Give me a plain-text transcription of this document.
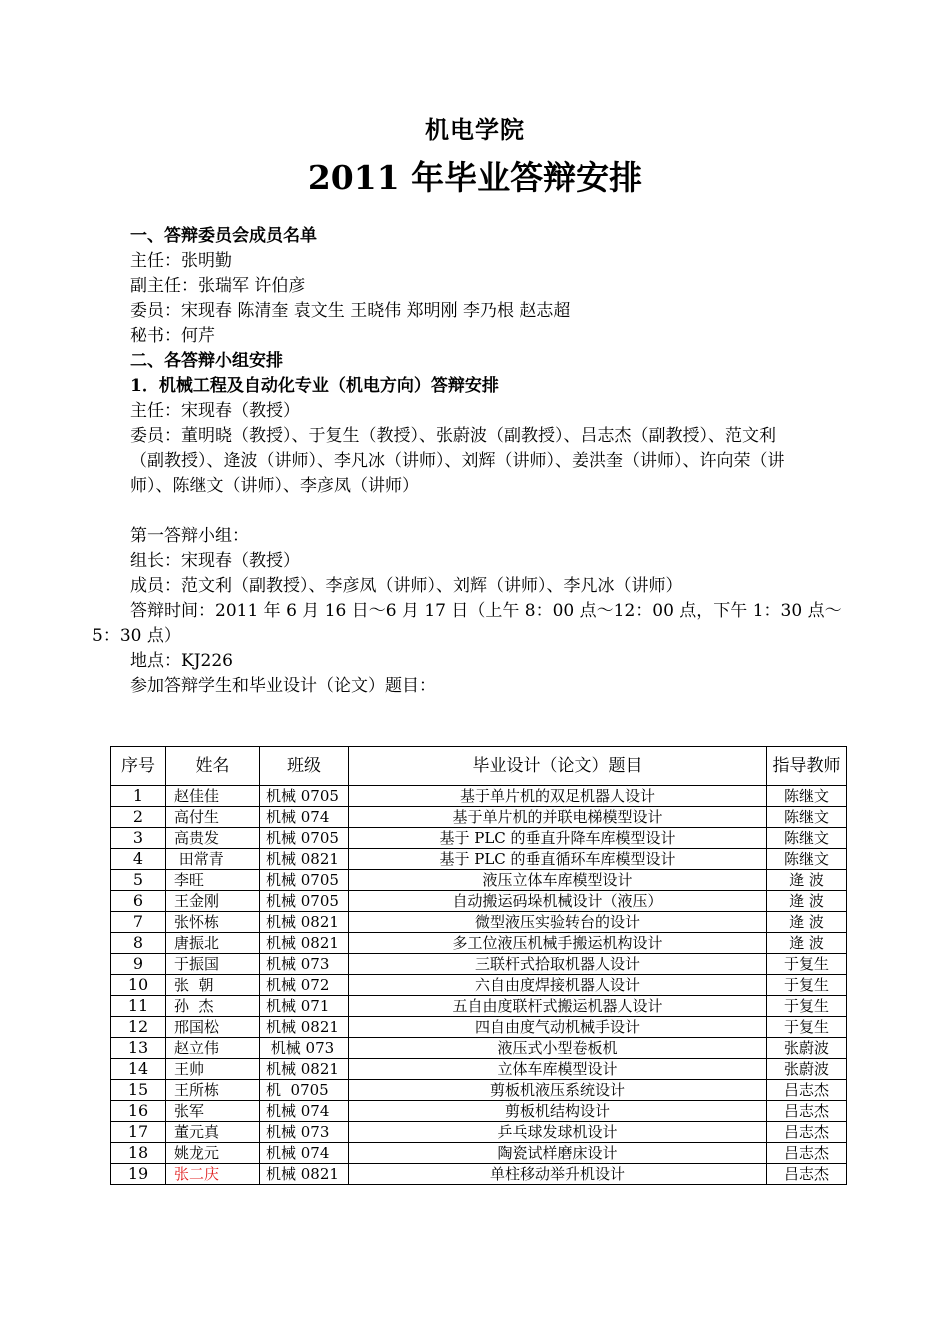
机电学院
2011 年毕业答辩安排

一、答辩委员会成员名单

主任：张明勤

副主任：张瑞军 许伯彦

委员：宋现春 陈清奎 袁文生 王晓伟 郑明刚 李乃根 赵志超

秘书：何芹

二、各答辩小组安排

1．机械工程及自动化专业（机电方向）答辩安排

主任：宋现春（教授）

委员：董明晓（教授）、于复生（教授）、张蔚波（副教授）、吕志杰（副教授）、范文利

（副教授）、逄波（讲师）、李凡冰（讲师）、刘辉（讲师）、姜洪奎（讲师）、许向荣（讲

师）、陈继文（讲师）、李彦凤（讲师）

第一答辩小组：

组长：宋现春（教授）

成员：范文利（副教授）、李彦凤（讲师）、刘辉（讲师）、李凡冰（讲师）

答辩时间：2011 年 6 月 16 日～6 月 17 日（上午 8：00 点～12：00 点，下午 1：30 点～5：30 点）

地点：KJ226

参加答辩学生和毕业设计（论文）题目：

序号	姓名	班级	毕业设计（论文）题目	指导教师
1	赵佳佳	机械 0705	基于单片机的双足机器人设计	陈继文
2	高付生	机械 074	基于单片机的并联电梯模型设计	陈继文
3	高贵发	机械 0705	基于 PLC 的垂直升降车库模型设计	陈继文
4	田常青	机械 0821	基于 PLC 的垂直循环车库模型设计	陈继文
5	李旺	机械 0705	液压立体车库模型设计	逄 波
6	王金刚	机械 0705	自动搬运码垛机械设计（液压）	逄 波
7	张怀栋	机械 0821	微型液压实验转台的设计	逄 波
8	唐振北	机械 0821	多工位液压机械手搬运机构设计	逄 波
9	于振国	机械 073	三联杆式拾取机器人设计	于复生
10	张  朝	机械 072	六自由度焊接机器人设计	于复生
11	孙  杰	机械 071	五自由度联杆式搬运机器人设计	于复生
12	邢国松	机械 0821	四自由度气动机械手设计	于复生
13	赵立伟	机械 073	液压式小型卷板机	张蔚波
14	王帅	机械 0821	立体车库模型设计	张蔚波
15	王所栋	机  0705	剪板机液压系统设计	吕志杰
16	张军	机械 074	剪板机结构设计	吕志杰
17	董元真	机械 073	乒乓球发球机设计	吕志杰
18	姚龙元	机械 074	陶瓷试样磨床设计	吕志杰
19	张二庆	机械 0821	单柱移动举升机设计	吕志杰
